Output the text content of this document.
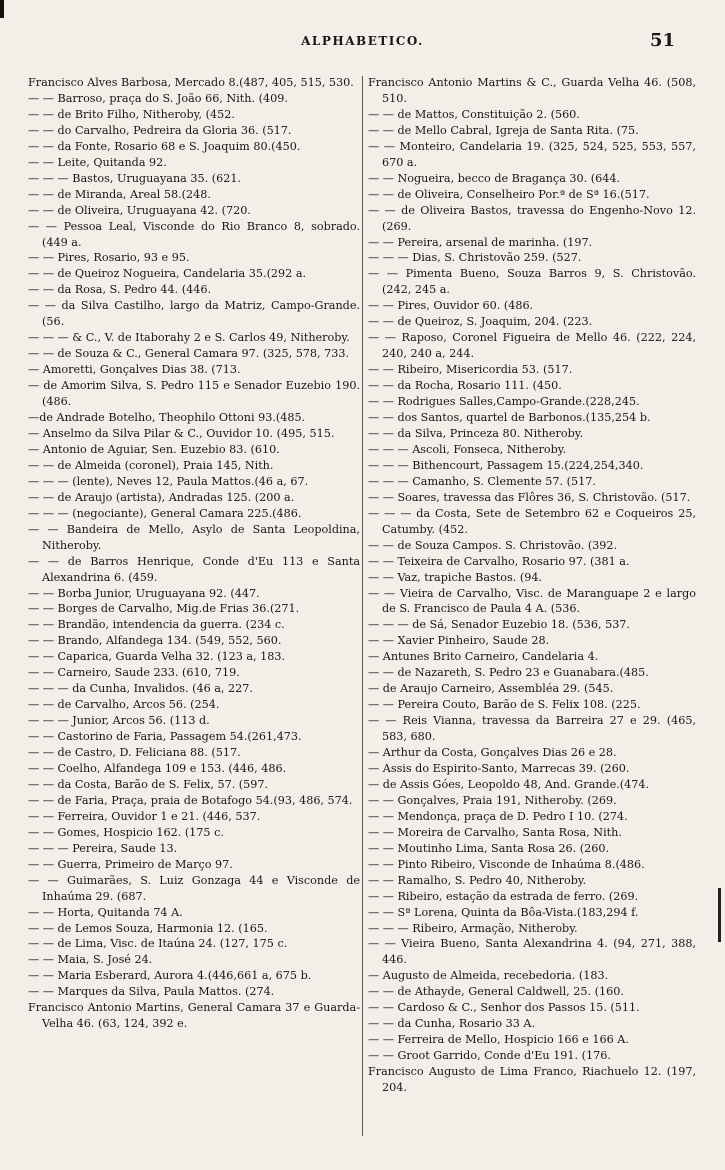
ALPHABETICO.	51

Francisco Alves Barbosa, Mercado 8.(487, 405, 515, 530.

— — Barroso, praça do S. João 66, Nith. (409.

— — de Brito Filho, Nitheroby, (452.

— — do Carvalho, Pedreira da Gloria 36. (517.

— — da Fonte, Rosario 68 e S. Joaquim 80.(450.

— — Leite, Quitanda 92.

— — — Bastos, Uruguayana 35. (621.

— — de Miranda, Areal 58.(248.

— — de Oliveira, Uruguayana 42. (720.

— — Pessoa Leal, Visconde do Rio Branco 8, sobrado. (449 a.

— — Pires, Rosario, 93 e 95.

— — de Queiroz Nogueira, Candelaria 35.(292 a.

— — da Rosa, S. Pedro 44. (446.

— — da Silva Castilho, largo da Matriz, Campo-Grande. (56.

— — — & C., V. de Itaborahy 2 e S. Carlos 49, Nitheroby.

— — de Souza & C., General Camara 97. (325, 578, 733.

— Amoretti, Gonçalves Dias 38. (713.

— de Amorim Silva, S. Pedro 115 e Senador Euzebio 190. (486.

—de Andrade Botelho, Theophilo Ottoni 93.(485.

— Anselmo da Silva Pilar & C., Ouvidor 10. (495, 515.

— Antonio de Aguiar, Sen. Euzebio 83. (610.

— — de Almeida (coronel), Praia 145, Nith.

— — — (lente), Neves 12, Paula Mattos.(46 a, 67.

— — de Araujo (artista), Andradas 125. (200 a.

— — — (negociante), General Camara 225.(486.

— — Bandeira de Mello, Asylo de Santa Leopoldina, Nitheroby.

— — de Barros Henrique, Conde d'Eu 113 e Santa Alexandrina 6. (459.

— — Borba Junior, Uruguayana 92. (447.

— — Borges de Carvalho, Mig.de Frias 36.(271.

— — Brandão, intendencia da guerra. (234 c.

— — Brando, Alfandega 134. (549, 552, 560.

— — Caparica, Guarda Velha 32. (123 a, 183.

— — Carneiro, Saude 233. (610, 719.

— — — da Cunha, Invalidos. (46 a, 227.

— — de Carvalho, Arcos 56. (254.

— — — Junior, Arcos 56. (113 d.

— — Castorino de Faria, Passagem 54.(261,473.

— — de Castro, D. Feliciana 88. (517.

— — Coelho, Alfandega 109 e 153. (446, 486.

— — da Costa, Barão de S. Felix, 57. (597.

— — de Faria, Praça, praia de Botafogo 54.(93, 486, 574.

— — Ferreira, Ouvidor 1 e 21. (446, 537.

— — Gomes, Hospicio 162. (175 c.

— — — Pereira, Saude 13.

— — Guerra, Primeiro de Março 97.

— — Guimarães, S. Luiz Gonzaga 44 e Visconde de Inhaúma 29. (687.

— — Horta, Quitanda 74 A.

— — de Lemos Souza, Harmonia 12. (165.

— — de Lima, Visc. de Itaúna 24. (127, 175 c.

— — Maia, S. José 24.

— — Maria Esberard, Aurora 4.(446,661 a, 675 b.

— — Marques da Silva, Paula Mattos. (274.

Francisco Antonio Martins, General Camara 37 e Guarda-Velha 46. (63, 124, 392 e.

Francisco Antonio Martins & C., Guarda Velha 46. (508, 510.

— — de Mattos, Constituição 2. (560.

— — de Mello Cabral, Igreja de Santa Rita. (75.

— — Monteiro, Candelaria 19. (325, 524, 525, 553, 557, 670 a.

— — Nogueira, becco de Bragança 30. (644.

— — de Oliveira, Conselheiro Por.ª de Sª 16.(517.

— — de Oliveira Bastos, travessa do Engenho-Novo 12. (269.

— — Pereira, arsenal de marinha. (197.

— — — Dias, S. Christovão 259. (527.

— — Pimenta Bueno, Souza Barros 9, S. Christovão. (242, 245 a.

— — Pires, Ouvidor 60. (486.

— — de Queiroz, S. Joaquim, 204. (223.

— — Raposo, Coronel Figueira de Mello 46. (222, 224, 240, 240 a, 244.

— — Ribeiro, Misericordia 53. (517.

— — da Rocha, Rosario 111. (450.

— — Rodrigues Salles,Campo-Grande.(228,245.

— — dos Santos, quartel de Barbonos.(135,254 b.

— — da Silva, Princeza 80. Nitheroby.

— — — Ascoli, Fonseca, Nitheroby.

— — — Bithencourt, Passagem 15.(224,254,340.

— — — Camanho, S. Clemente 57. (517.

— — Soares, travessa das Flôres 36, S. Christovão. (517.

— — — da Costa, Sete de Setembro 62 e Coqueiros 25, Catumby. (452.

— — de Souza Campos. S. Christovão. (392.

— — Teixeira de Carvalho, Rosario 97. (381 a.

— — Vaz, trapiche Bastos. (94.

— — Vieira de Carvalho, Visc. de Maranguape 2 e largo de S. Francisco de Paula 4 A. (536.

— — — de Sá, Senador Euzebio 18. (536, 537.

— — Xavier Pinheiro, Saude 28.

— Antunes Brito Carneiro, Candelaria 4.

— — de Nazareth, S. Pedro 23 e Guanabara.(485.

— de Araujo Carneiro, Assembléa 29. (545.

— — Pereira Couto, Barão de S. Felix 108. (225.

— — Reis Vianna, travessa da Barreira 27 e 29. (465, 583, 680.

— Arthur da Costa, Gonçalves Dias 26 e 28.

— Assis do Espirito-Santo, Marrecas 39. (260.

— de Assis Góes, Leopoldo 48, And. Grande.(474.

— — Gonçalves, Praia 191, Nitheroby. (269.

— — Mendonça, praça de D. Pedro I 10. (274.

— — Moreira de Carvalho, Santa Rosa, Nith.

— — Moutinho Lima, Santa Rosa 26. (260.

— — Pinto Ribeiro, Visconde de Inhaúma 8.(486.

— — Ramalho, S. Pedro 40, Nitheroby.

— — Ribeiro, estação da estrada de ferro. (269.

— — Sª Lorena, Quinta da Bôa-Vista.(183,294 f.

— — — Ribeiro, Armação, Nitheroby.

— — Vieira Bueno, Santa Alexandrina 4. (94, 271, 388, 446.

— Augusto de Almeida, recebedoria. (183.

— — de Athayde, General Caldwell, 25. (160.

— — Cardoso & C., Senhor dos Passos 15. (511.

— — da Cunha, Rosario 33 A.

— — Ferreira de Mello, Hospicio 166 e 166 A.

— — Groot Garrido, Conde d'Eu 191. (176.

Francisco Augusto de Lima Franco, Riachuelo 12. (197, 204.
